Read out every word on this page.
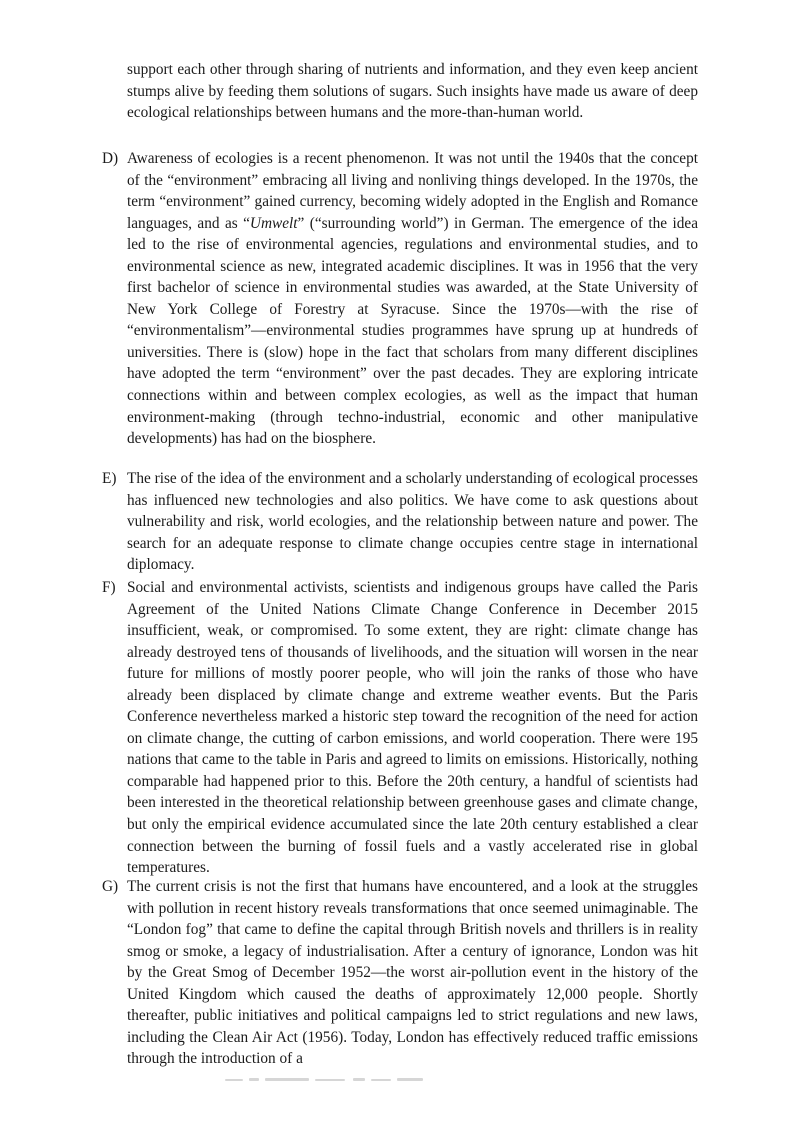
support each other through sharing of nutrients and information, and they even keep ancient stumps alive by feeding them solutions of sugars. Such insights have made us aware of deep ecological relationships between humans and the more-than-human world.
D) Awareness of ecologies is a recent phenomenon. It was not until the 1940s that the concept of the “environment” embracing all living and nonliving things developed. In the 1970s, the term “environment” gained currency, becoming widely adopted in the English and Romance languages, and as “Umwelt” (“surrounding world”) in German. The emergence of the idea led to the rise of environmental agencies, regulations and environmental studies, and to environmental science as new, integrated academic disciplines. It was in 1956 that the very first bachelor of science in environmental studies was awarded, at the State University of New York College of Forestry at Syracuse. Since the 1970s—with the rise of “environmentalism”—environmental studies programmes have sprung up at hundreds of universities. There is (slow) hope in the fact that scholars from many different disciplines have adopted the term “environment” over the past decades. They are exploring intricate connections within and between complex ecologies, as well as the impact that human environment-making (through techno-industrial, economic and other manipulative developments) has had on the biosphere.
E) The rise of the idea of the environment and a scholarly understanding of ecological processes has influenced new technologies and also politics. We have come to ask questions about vulnerability and risk, world ecologies, and the relationship between nature and power. The search for an adequate response to climate change occupies centre stage in international diplomacy.
F) Social and environmental activists, scientists and indigenous groups have called the Paris Agreement of the United Nations Climate Change Conference in December 2015 insufficient, weak, or compromised. To some extent, they are right: climate change has already destroyed tens of thousands of livelihoods, and the situation will worsen in the near future for millions of mostly poorer people, who will join the ranks of those who have already been displaced by climate change and extreme weather events. But the Paris Conference nevertheless marked a historic step toward the recognition of the need for action on climate change, the cutting of carbon emissions, and world cooperation. There were 195 nations that came to the table in Paris and agreed to limits on emissions. Historically, nothing comparable had happened prior to this. Before the 20th century, a handful of scientists had been interested in the theoretical relationship between greenhouse gases and climate change, but only the empirical evidence accumulated since the late 20th century established a clear connection between the burning of fossil fuels and a vastly accelerated rise in global temperatures.
G) The current crisis is not the first that humans have encountered, and a look at the struggles with pollution in recent history reveals transformations that once seemed unimaginable. The “London fog” that came to define the capital through British novels and thrillers is in reality smog or smoke, a legacy of industrialisation. After a century of ignorance, London was hit by the Great Smog of December 1952—the worst air-pollution event in the history of the United Kingdom which caused the deaths of approximately 12,000 people. Shortly thereafter, public initiatives and political campaigns led to strict regulations and new laws, including the Clean Air Act (1956). Today, London has effectively reduced traffic emissions through the introduction of a
